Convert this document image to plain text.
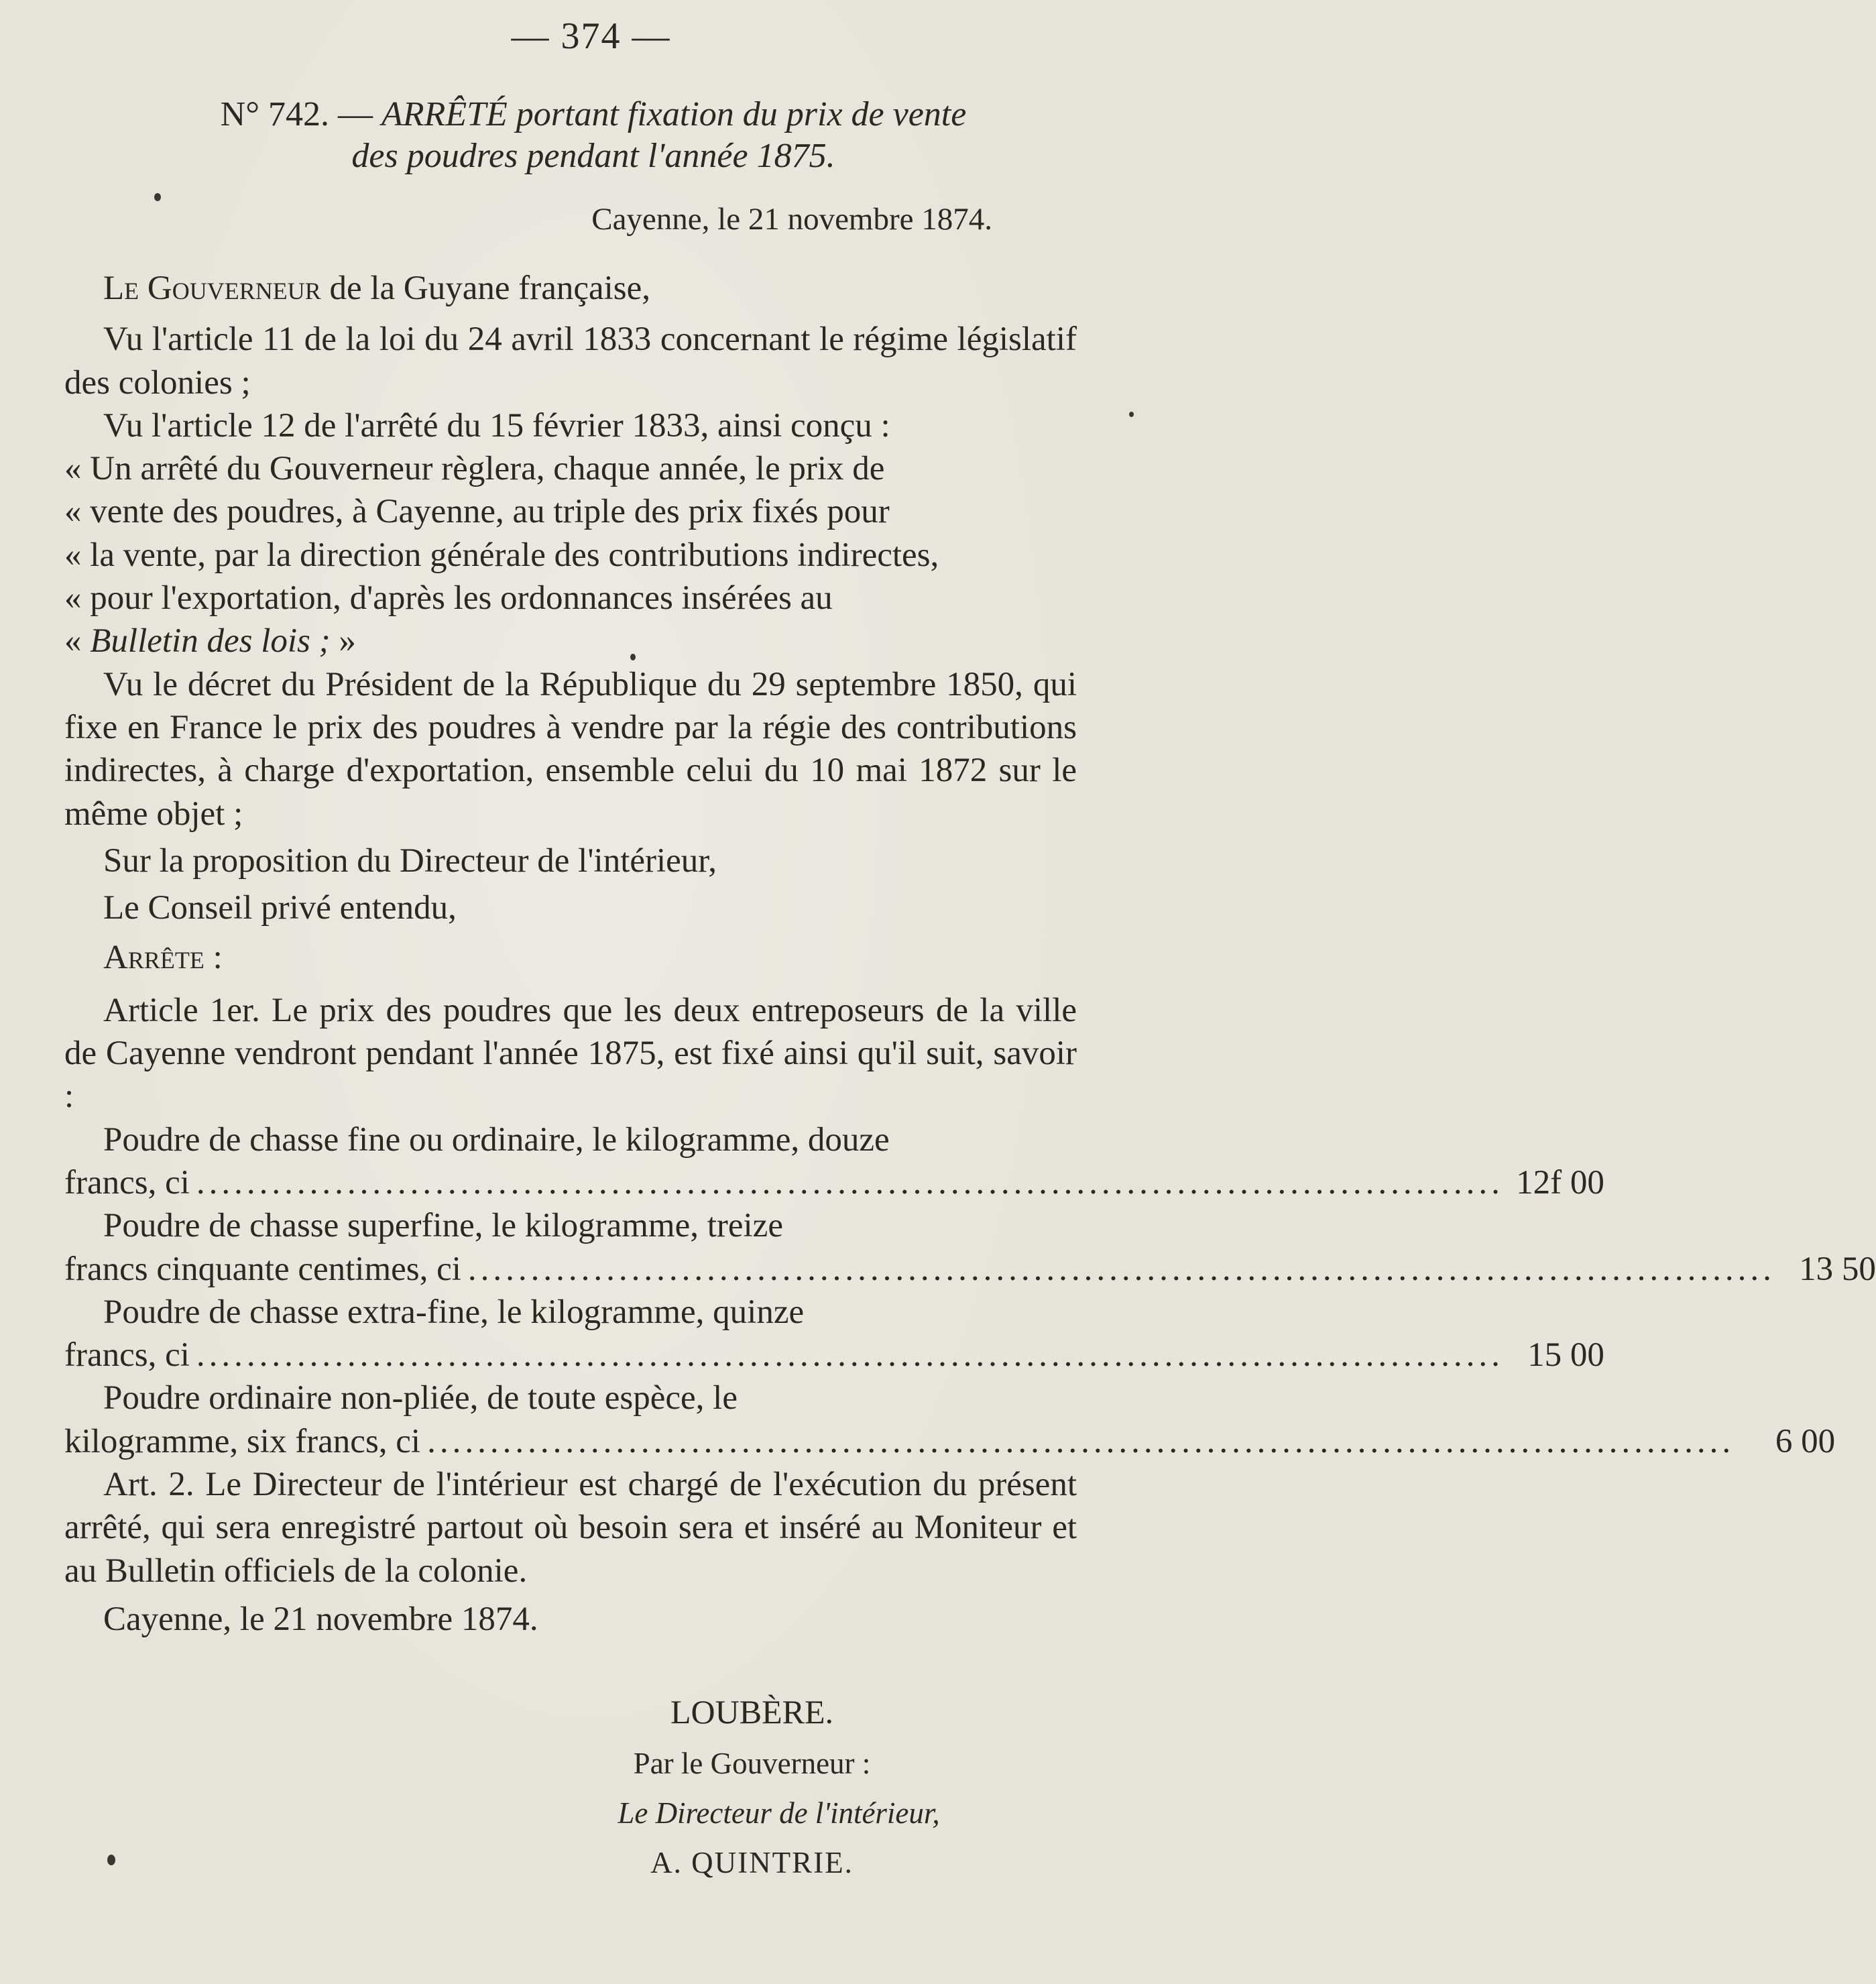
— 374 —
N° 742. — ARRÊTÉ portant fixation du prix de vente
des poudres pendant l'année 1875.
Cayenne, le 21 novembre 1874.

Le Gouverneur de la Guyane française,

Vu l'article 11 de la loi du 24 avril 1833 concernant le régime législatif des colonies ;

Vu l'article 12 de l'arrêté du 15 février 1833, ainsi conçu :

« Un arrêté du Gouverneur règlera, chaque année, le prix de

« vente des poudres, à Cayenne, au triple des prix fixés pour

« la vente, par la direction générale des contributions indirectes,

« pour l'exportation, d'après les ordonnances insérées au

« Bulletin des lois ; »

Vu le décret du Président de la République du 29 septembre 1850, qui fixe en France le prix des poudres à vendre par la régie des contributions indirectes, à charge d'exportation, ensemble celui du 10 mai 1872 sur le même objet ;

Sur la proposition du Directeur de l'intérieur,

Le Conseil privé entendu,

Arrête :

Article 1er. Le prix des poudres que les deux entreposeurs de la ville de Cayenne vendront pendant l'année 1875, est fixé ainsi qu'il suit, savoir :

Poudre de chasse fine ou ordinaire, le kilogramme, douze

francs, ci ........................................................................................................ 12f 00

Poudre de chasse superfine, le kilogramme, treize

francs cinquante centimes, ci ........................................................................................................ 13 50

Poudre de chasse extra-fine, le kilogramme, quinze

francs, ci ........................................................................................................ 15 00

Poudre ordinaire non-pliée, de toute espèce, le

kilogramme, six francs, ci ........................................................................................................	6 00

Art. 2. Le Directeur de l'intérieur est chargé de l'exécution du présent arrêté, qui sera enregistré partout où besoin sera et inséré au Moniteur et au Bulletin officiels de la colonie.

Cayenne, le 21 novembre 1874.

LOUBÈRE.
Par le Gouverneur :
Le Directeur de l'intérieur,
A. QUINTRIE.
